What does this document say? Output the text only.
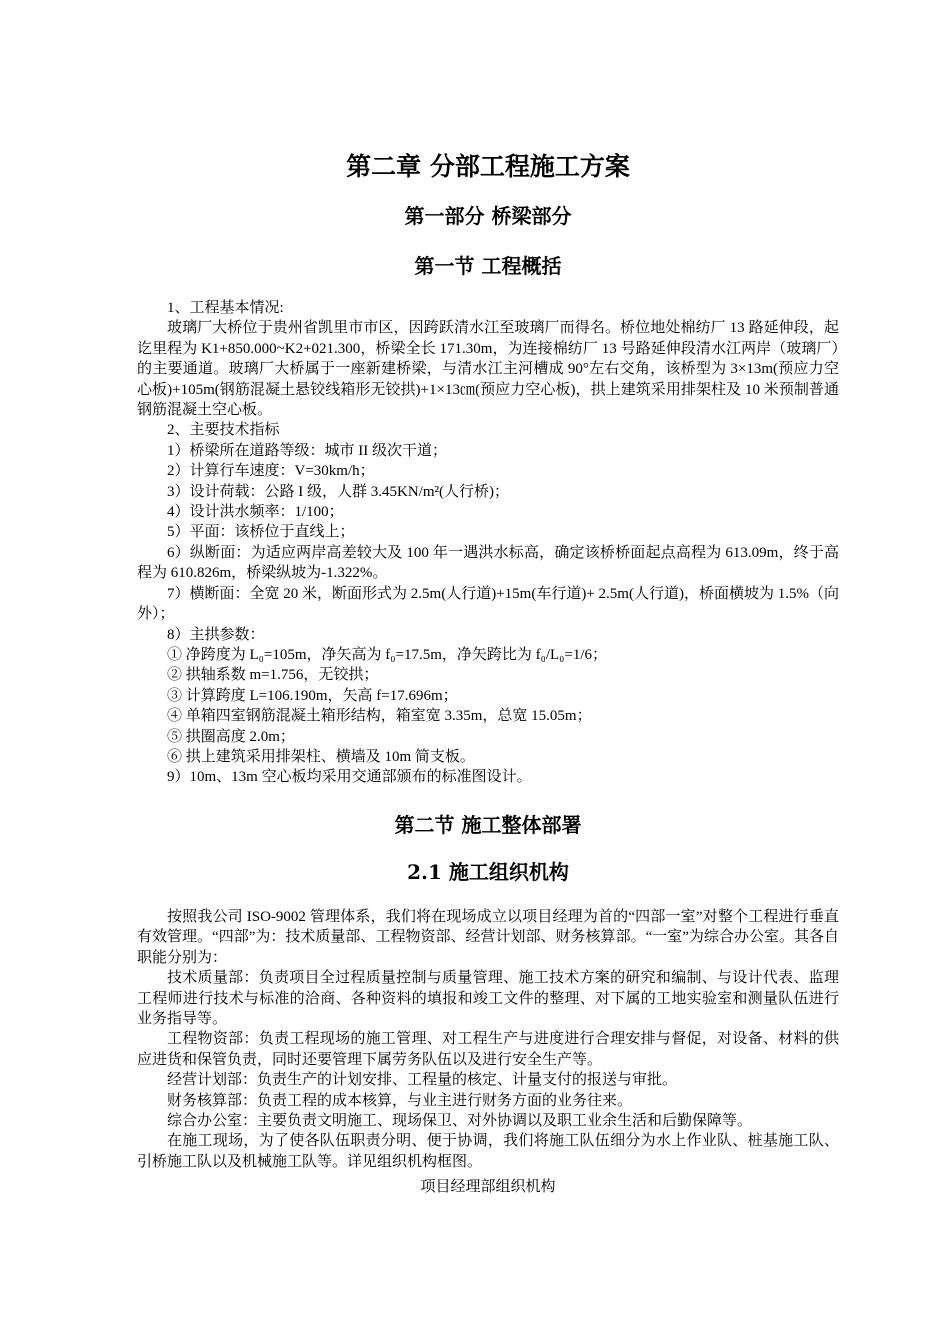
第二章 分部工程施工方案
第一部分 桥梁部分
第一节 工程概括

1、工程基本情况:

玻璃厂大桥位于贵州省凯里市市区，因跨跃清水江至玻璃厂而得名。桥位地处棉纺厂 13 路延伸段，起讫里程为 K1+850.000~K2+021.300，桥梁全长 171.30m，为连接棉纺厂 13 号路延伸段清水江两岸（玻璃厂）的主要通道。玻璃厂大桥属于一座新建桥梁，与清水江主河槽成 90°左右交角，该桥型为 3×13m(预应力空心板)+105m(钢筋混凝土悬铰线箱形无铰拱)+1×13㎝(预应力空心板)，拱上建筑采用排架柱及 10 米预制普通钢筋混凝土空心板。

2、主要技术指标

1）桥梁所在道路等级：城市 II 级次干道；

2）计算行车速度：V=30km/h；

3）设计荷载：公路 I 级，人群 3.45KN/m²(人行桥)；

4）设计洪水频率：1/100；

5）平面：该桥位于直线上；

6）纵断面：为适应两岸高差较大及 100 年一遇洪水标高，确定该桥桥面起点高程为 613.09m，终于高程为 610.826m，桥梁纵坡为-1.322%。

7）横断面：全宽 20 米，断面形式为 2.5m(人行道)+15m(车行道)+ 2.5m(人行道)，桥面横坡为 1.5%（向外）；

8）主拱参数：

① 净跨度为 L₀=105m，净矢高为 f₀=17.5m，净矢跨比为 f₀/L₀=1/6；

② 拱轴系数 m=1.756，无铰拱；

③ 计算跨度 L=106.190m，矢高 f=17.696m；

④ 单箱四室钢筋混凝土箱形结构，箱室宽 3.35m，总宽 15.05m；

⑤ 拱圈高度 2.0m；

⑥ 拱上建筑采用排架柱、横墙及 10m 简支板。

9）10m、13m 空心板均采用交通部颁布的标准图设计。

第二节 施工整体部署
2.1 施工组织机构

按照我公司 ISO-9002 管理体系，我们将在现场成立以项目经理为首的“四部一室”对整个工程进行垂直有效管理。“四部”为：技术质量部、工程物资部、经营计划部、财务核算部。“一室”为综合办公室。其各自职能分别为：

技术质量部：负责项目全过程质量控制与质量管理、施工技术方案的研究和编制、与设计代表、监理工程师进行技术与标准的洽商、各种资料的填报和竣工文件的整理、对下属的工地实验室和测量队伍进行业务指导等。

工程物资部：负责工程现场的施工管理、对工程生产与进度进行合理安排与督促，对设备、材料的供应进货和保管负责，同时还要管理下属劳务队伍以及进行安全生产等。

经营计划部：负责生产的计划安排、工程量的核定、计量支付的报送与审批。

财务核算部：负责工程的成本核算，与业主进行财务方面的业务往来。

综合办公室：主要负责文明施工、现场保卫、对外协调以及职工业余生活和后勤保障等。

在施工现场，为了使各队伍职责分明、便于协调，我们将施工队伍细分为水上作业队、桩基施工队、引桥施工队以及机械施工队等。详见组织机构框图。

项目经理部组织机构
